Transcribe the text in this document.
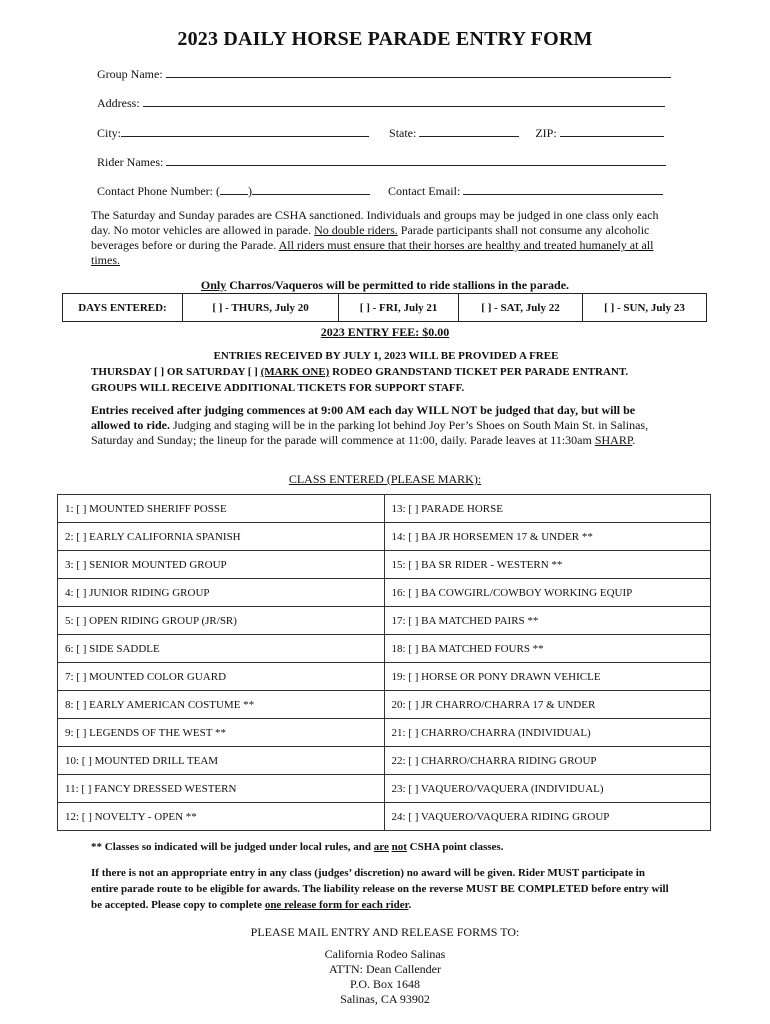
2023 DAILY HORSE PARADE ENTRY FORM
Group Name:
Address:
City:	State:	ZIP:
Rider Names:
Contact Phone Number: ( )	Contact Email:
The Saturday and Sunday parades are CSHA sanctioned. Individuals and groups may be judged in one class only each day. No motor vehicles are allowed in parade. No double riders. Parade participants shall not consume any alcoholic beverages before or during the Parade. All riders must ensure that their horses are healthy and treated humanely at all times.
Only Charros/Vaqueros will be permitted to ride stallions in the parade.
DAYS ENTERED:	[ ] - THURS, July 20	[ ] - FRI, July 21	[ ] - SAT, July 22	[ ] - SUN, July 23
2023 ENTRY FEE: $0.00
ENTRIES RECEIVED BY JULY 1, 2023 WILL BE PROVIDED A FREE
THURSDAY [ ] OR SATURDAY [ ] (MARK ONE) RODEO GRANDSTAND TICKET PER PARADE ENTRANT.
GROUPS WILL RECEIVE ADDITIONAL TICKETS FOR SUPPORT STAFF.
Entries received after judging commences at 9:00 AM each day WILL NOT be judged that day, but will be allowed to ride. Judging and staging will be in the parking lot behind Joy Per’s Shoes on South Main St. in Salinas, Saturday and Sunday; the lineup for the parade will commence at 11:00, daily. Parade leaves at 11:30am SHARP.
CLASS ENTERED (PLEASE MARK):
1: [ ] MOUNTED SHERIFF POSSE	13: [ ] PARADE HORSE
2: [ ] EARLY CALIFORNIA SPANISH	14: [ ] BA JR HORSEMEN 17 & UNDER **
3: [ ] SENIOR MOUNTED GROUP	15: [ ] BA SR RIDER - WESTERN **
4: [ ] JUNIOR RIDING GROUP	16: [ ] BA COWGIRL/COWBOY WORKING EQUIP
5: [ ] OPEN RIDING GROUP (JR/SR)	17: [ ] BA MATCHED PAIRS **
6: [ ] SIDE SADDLE	18: [ ] BA MATCHED FOURS **
7: [ ] MOUNTED COLOR GUARD	19: [ ] HORSE OR PONY DRAWN VEHICLE
8: [ ] EARLY AMERICAN COSTUME **	20: [ ] JR CHARRO/CHARRA 17 & UNDER
9: [ ] LEGENDS OF THE WEST **	21: [ ] CHARRO/CHARRA (INDIVIDUAL)
10: [ ] MOUNTED DRILL TEAM	22: [ ] CHARRO/CHARRA RIDING GROUP
11: [ ] FANCY DRESSED WESTERN	23: [ ] VAQUERO/VAQUERA (INDIVIDUAL)
12: [ ] NOVELTY - OPEN **	24: [ ] VAQUERO/VAQUERA RIDING GROUP
** Classes so indicated will be judged under local rules, and are not CSHA point classes.
If there is not an appropriate entry in any class (judges’ discretion) no award will be given. Rider MUST participate in entire parade route to be eligible for awards. The liability release on the reverse MUST BE COMPLETED before entry will be accepted. Please copy to complete one release form for each rider.
PLEASE MAIL ENTRY AND RELEASE FORMS TO:
California Rodeo Salinas
ATTN: Dean Callender
P.O. Box 1648
Salinas, CA 93902
